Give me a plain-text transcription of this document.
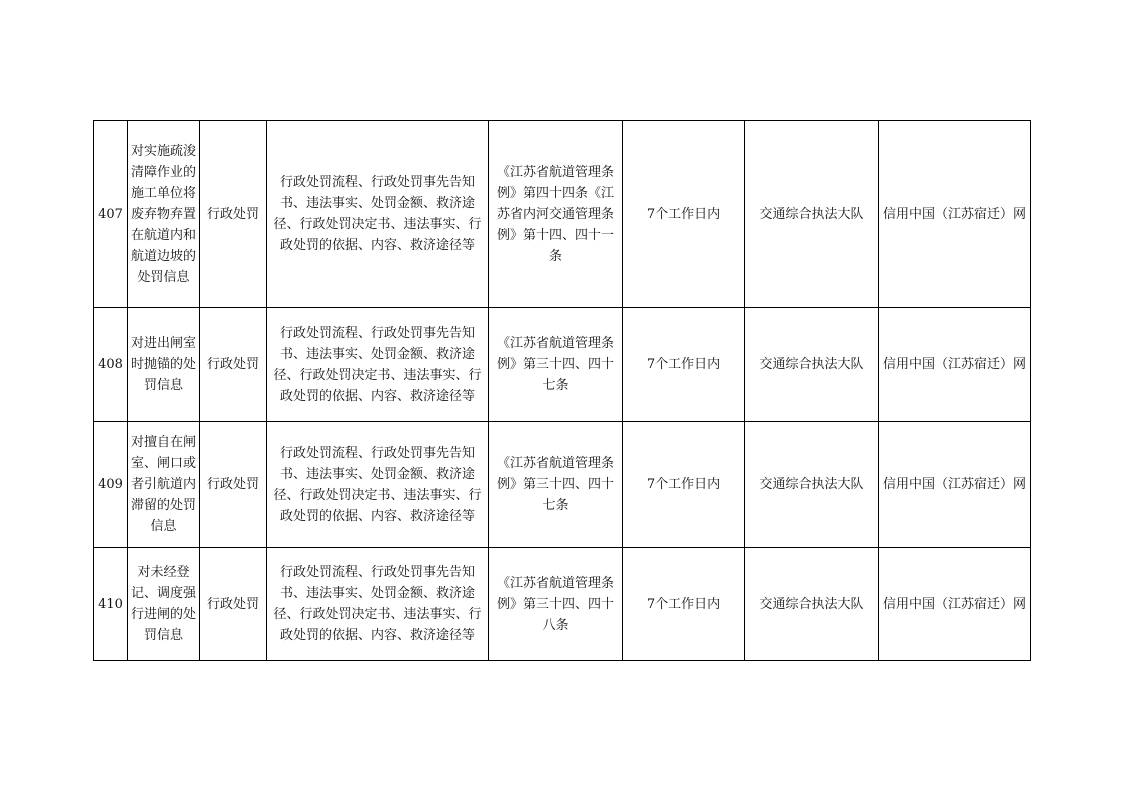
407	对实施疏浚清障作业的施工单位将废弃物弃置在航道内和航道边坡的处罚信息	行政处罚	行政处罚流程、行政处罚事先告知书、违法事实、处罚金额、救济途径、行政处罚决定书、违法事实、行政处罚的依据、内容、救济途径等	《江苏省航道管理条例》第四十四条《江苏省内河交通管理条例》第十四、四十一条	7个工作日内	交通综合执法大队	信用中国（江苏宿迁）网
408	对进出闸室时抛锚的处罚信息	行政处罚	行政处罚流程、行政处罚事先告知书、违法事实、处罚金额、救济途径、行政处罚决定书、违法事实、行政处罚的依据、内容、救济途径等	《江苏省航道管理条例》第三十四、四十七条	7个工作日内	交通综合执法大队	信用中国（江苏宿迁）网
409	对擅自在闸室、闸口或者引航道内滞留的处罚信息	行政处罚	行政处罚流程、行政处罚事先告知书、违法事实、处罚金额、救济途径、行政处罚决定书、违法事实、行政处罚的依据、内容、救济途径等	《江苏省航道管理条例》第三十四、四十七条	7个工作日内	交通综合执法大队	信用中国（江苏宿迁）网
410	对未经登记、调度强行进闸的处罚信息	行政处罚	行政处罚流程、行政处罚事先告知书、违法事实、处罚金额、救济途径、行政处罚决定书、违法事实、行政处罚的依据、内容、救济途径等	《江苏省航道管理条例》第三十四、四十八条	7个工作日内	交通综合执法大队	信用中国（江苏宿迁）网
